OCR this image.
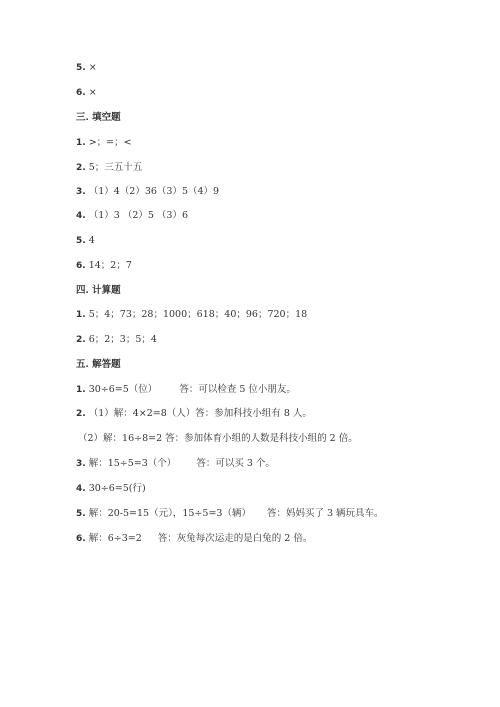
5. ×
6. ×
三. 填空题
1. >；=；<
2. 5；三五十五
3. （1）4（2）36（3）5（4）9
4. （1）3 （2）5 （3）6
5. 4
6. 14；2；7
四. 计算题
1. 5；4；73；28；1000；618；40；96；720；18
2. 6；2；3；5；4
五. 解答题
1. 30÷6=5（位） 答：可以检查 5 位小朋友。
2. （1）解：4×2=8（人）答：参加科技小组有 8 人。
（2）解：16÷8=2 答：参加体育小组的人数是科技小组的 2 倍。
3. 解：15÷5=3（个） 答：可以买 3 个。
4. 30÷6=5(行)
5. 解：20-5=15（元），15÷5=3（辆） 答：妈妈买了 3 辆玩具车。
6. 解：6÷3=2 答：灰兔每次运走的是白兔的 2 倍。
